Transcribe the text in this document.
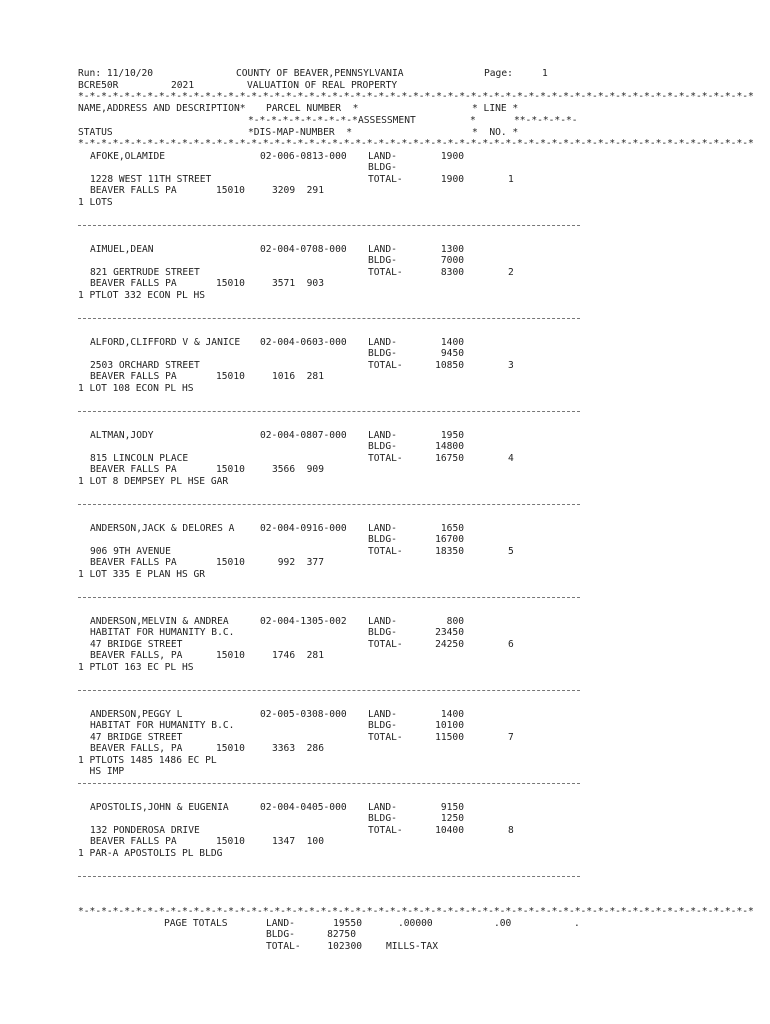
Run: 11/10/20	COUNTY OF BEAVER,PENNSYLVANIA	Page:	1
BCRE50R	2021	VALUATION OF REAL PROPERTY
*-*-*-*-*-*-*-*-*-*-*-*-*-*-*-*-*-*-*-*-*-*-*-*-*-*-*-*-*-*-*-*-*-*-*-*-*-*-*-*-*-*-*-*-*-*-*-*-*-*-*-*-*-*-*-*-*-*-*
NAME,ADDRESS AND DESCRIPTION* PARCEL NUMBER  *	* LINE *
*-*-*-*-*-*-*-*-*-* ASSESSMENT	*	**-*-*-*-*-
STATUS	*DIS-MAP-NUMBER  *	*  NO. *
*-*-*-*-*-*-*-*-*-*-*-*-*-*-*-*-*-*-*-*-*-*-*-*-*-*-*-*-*-*-*-*-*-*-*-*-*-*-*-*-*-*-*-*-*-*-*-*-*-*-*-*-*-*-*-*-*-*-*
AFOKE,OLAMIDE	02-006-0813-000 LAND-	1900
BLDG-
1228 WEST 11TH STREET	TOTAL-	1900	1
BEAVER FALLS PA	15010	3209  291
1 LOTS
AIMUEL,DEAN	02-004-0708-000 LAND-	1300
BLDG-	7000
821 GERTRUDE STREET	TOTAL-	8300	2
BEAVER FALLS PA	15010	3571  903
1 PTLOT 332 ECON PL HS
ALFORD,CLIFFORD V & JANICE 02-004-0603-000 LAND-	1400
BLDG-	9450
2503 ORCHARD STREET	TOTAL-	10850	3
BEAVER FALLS PA	15010	1016  281
1 LOT 108 ECON PL HS
ALTMAN,JODY	02-004-0807-000 LAND-	1950
BLDG-	14800
815 LINCOLN PLACE	TOTAL-	16750	4
BEAVER FALLS PA	15010	3566  909
1 LOT 8 DEMPSEY PL HSE GAR
ANDERSON,JACK & DELORES A	02-004-0916-000 LAND-	1650
BLDG-	16700
906 9TH AVENUE	TOTAL-	18350	5
BEAVER FALLS PA	15010	992  377
1 LOT 335 E PLAN HS GR
ANDERSON,MELVIN & ANDREA	02-004-1305-002 LAND-	800
BLDG-	23450
HABITAT FOR HUMANITY B.C.
47 BRIDGE STREET	TOTAL-	24250	6
BEAVER FALLS, PA	15010	1746  281
1 PTLOT 163 EC PL HS
ANDERSON,PEGGY L	02-005-0308-000 LAND-	1400
BLDG-	10100
HABITAT FOR HUMANITY B.C.
47 BRIDGE STREET	TOTAL-	11500	7
BEAVER FALLS, PA	15010	3363  286
1 PTLOTS 1485 1486 EC PL
HS IMP
APOSTOLIS,JOHN & EUGENIA	02-004-0405-000 LAND-	9150
BLDG-	1250
132 PONDEROSA DRIVE	TOTAL-	10400	8
BEAVER FALLS PA	15010	1347  100
1 PAR-A APOSTOLIS PL BLDG
*-*-*-*-*-*-*-*-*-*-*-*-*-*-*-*-*-*-*-*-*-*-*-*-*-*-*-*-*-*-*-*-*-*-*-*-*-*-*-*-*-*-*-*-*-*-*-*-*-*-*-*-*-*-*-*-*-*-*
PAGE TOTALS	LAND-	19550	.00000	.00	.
BLDG-	82750
TOTAL-	102300	MILLS-TAX
